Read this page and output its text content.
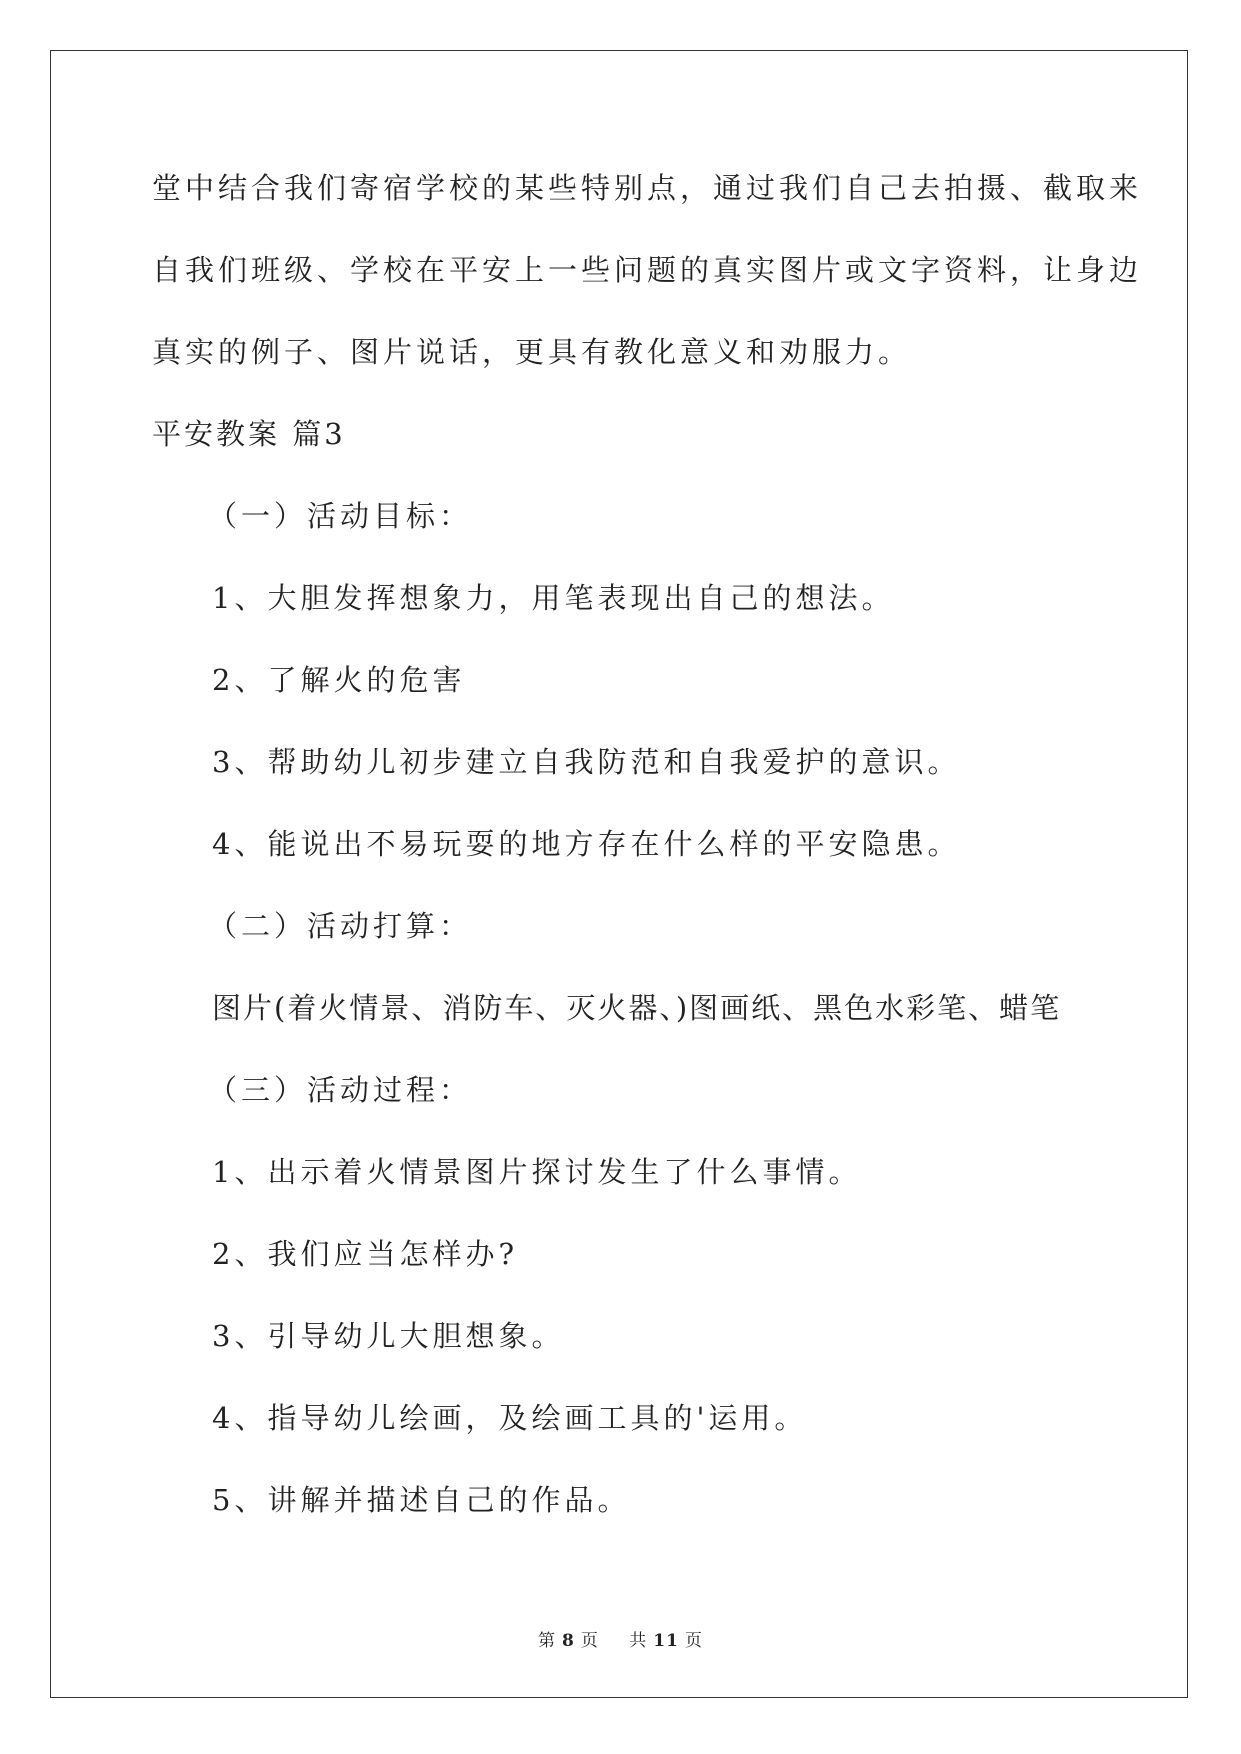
堂中结合我们寄宿学校的某些特别点，通过我们自己去拍摄、截取来
自我们班级、学校在平安上一些问题的真实图片或文字资料，让身边
真实的例子、图片说话，更具有教化意义和劝服力。
平安教案 篇3
（一）活动目标：
1、大胆发挥想象力，用笔表现出自己的想法。
2、了解火的危害
3、帮助幼儿初步建立自我防范和自我爱护的意识。
4、能说出不易玩耍的地方存在什么样的平安隐患。
（二）活动打算：
图片(着火情景、消防车、灭火器、)图画纸、黑色水彩笔、蜡笔
（三）活动过程：
1、出示着火情景图片探讨发生了什么事情。
2、我们应当怎样办?
3、引导幼儿大胆想象。
4、指导幼儿绘画，及绘画工具的'运用。
5、讲解并描述自己的作品。
第 8 页 共 11 页
